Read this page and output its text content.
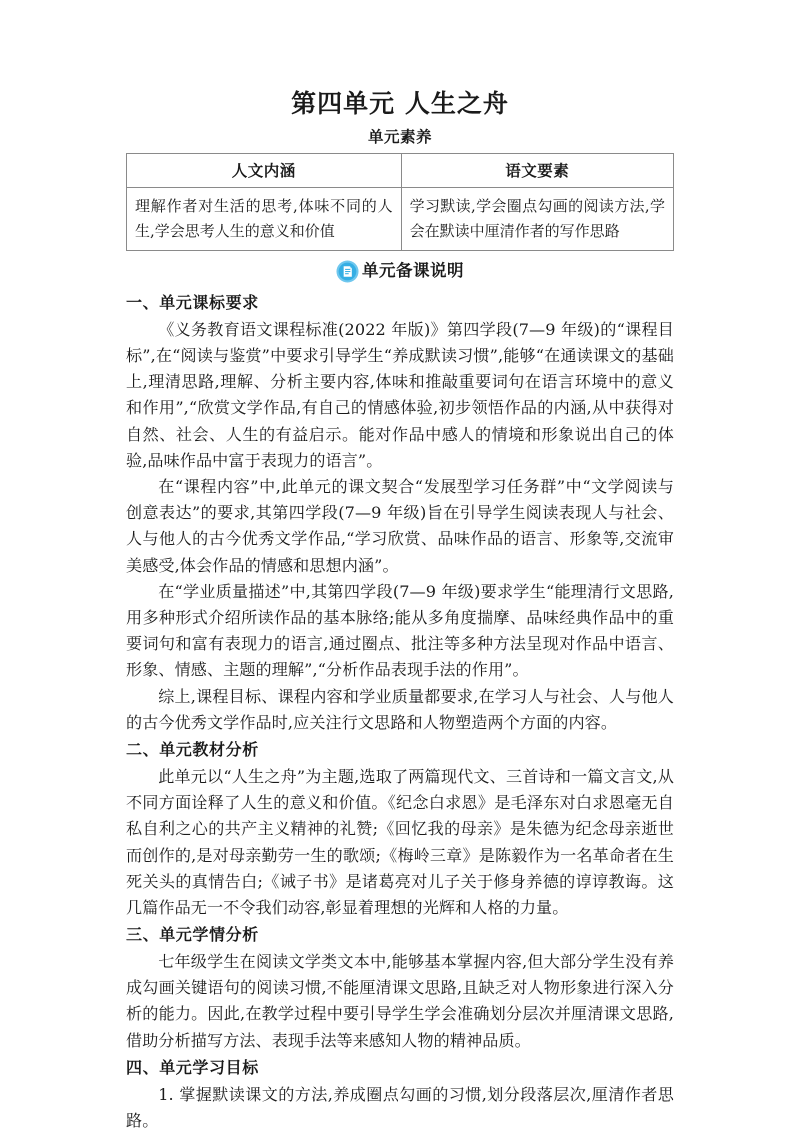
第四单元 人生之舟
单元素养
人文内涵	语文要素
理解作者对生活的思考,体味不同的人生,学会思考人生的意义和价值	学习默读,学会圈点勾画的阅读方法,学会在默读中厘清作者的写作思路
单元备课说明
一、单元课标要求

《义务教育语文课程标准(2022 年版)》第四学段(7—9 年级)的“课程目标”,在“阅读与鉴赏”中要求引导学生“养成默读习惯”,能够“在通读课文的基础上,理清思路,理解、分析主要内容,体味和推敲重要词句在语言环境中的意义和作用”,“欣赏文学作品,有自己的情感体验,初步领悟作品的内涵,从中获得对自然、社会、人生的有益启示。能对作品中感人的情境和形象说出自己的体验,品味作品中富于表现力的语言”。

在“课程内容”中,此单元的课文契合“发展型学习任务群”中“文学阅读与创意表达”的要求,其第四学段(7—9 年级)旨在引导学生阅读表现人与社会、人与他人的古今优秀文学作品,“学习欣赏、品味作品的语言、形象等,交流审美感受,体会作品的情感和思想内涵”。

在“学业质量描述”中,其第四学段(7—9 年级)要求学生“能理清行文思路,用多种形式介绍所读作品的基本脉络;能从多角度揣摩、品味经典作品中的重要词句和富有表现力的语言,通过圈点、批注等多种方法呈现对作品中语言、形象、情感、主题的理解”,“分析作品表现手法的作用”。

综上,课程目标、课程内容和学业质量都要求,在学习人与社会、人与他人的古今优秀文学作品时,应关注行文思路和人物塑造两个方面的内容。

二、单元教材分析

此单元以“人生之舟”为主题,选取了两篇现代文、三首诗和一篇文言文,从不同方面诠释了人生的意义和价值。《纪念白求恩》是毛泽东对白求恩毫无自私自利之心的共产主义精神的礼赞;《回忆我的母亲》是朱德为纪念母亲逝世而创作的,是对母亲勤劳一生的歌颂;《梅岭三章》是陈毅作为一名革命者在生死关头的真情告白;《诫子书》是诸葛亮对儿子关于修身养德的谆谆教诲。这几篇作品无一不令我们动容,彰显着理想的光辉和人格的力量。

三、单元学情分析

七年级学生在阅读文学类文本中,能够基本掌握内容,但大部分学生没有养成勾画关键语句的阅读习惯,不能厘清课文思路,且缺乏对人物形象进行深入分析的能力。因此,在教学过程中要引导学生学会准确划分层次并厘清课文思路,借助分析描写方法、表现手法等来感知人物的精神品质。

四、单元学习目标

1. 掌握默读课文的方法,养成圈点勾画的习惯,划分段落层次,厘清作者思路。
